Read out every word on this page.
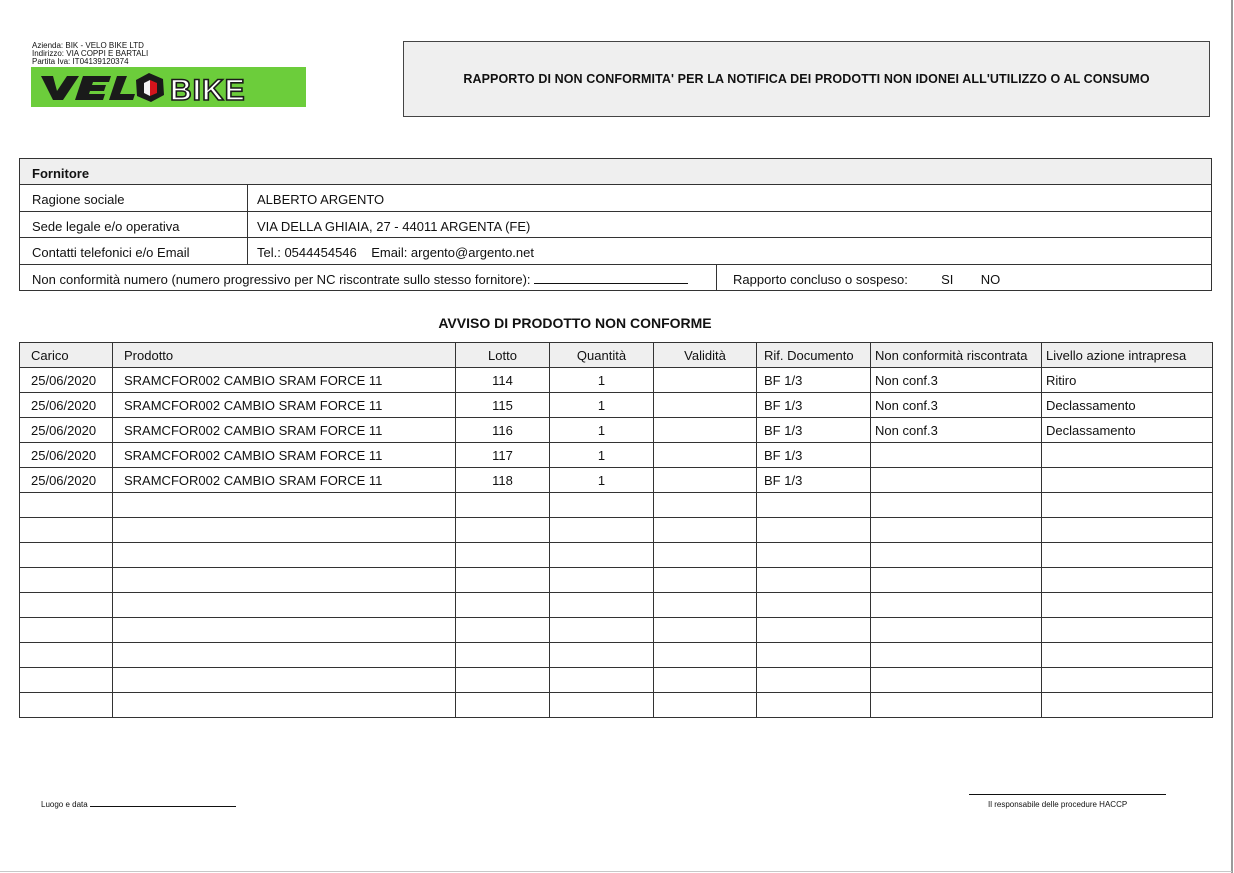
Azienda: BIK - VELO BIKE LTD
Indirizzo: VIA COPPI E BARTALI
Partita Iva: IT04139120374
BIKE	RAPPORTO DI NON CONFORMITA' PER LA NOTIFICA DEI PRODOTTI NON IDONEI ALL'UTILIZZO O AL CONSUMO
Fornitore
Ragione sociale	ALBERTO ARGENTO
Sede legale e/o operativa	VIA DELLA GHIAIA, 27 - 44011 ARGENTA (FE)
Contatti telefonici e/o Email	Tel.: 0544454546    Email: argento@argento.net
Non conformità numero (numero progressivo per NC riscontrate sullo stesso fornitore):	Rapporto concluso o sospeso:	SI NO
AVVISO DI PRODOTTO NON CONFORME
Carico	Prodotto	Lotto	Quantità	Validità	Rif. Documento	Non conformità riscontrata	Livello azione intrapresa
25/06/2020	SRAMCFOR002 CAMBIO SRAM FORCE 11	114	1		BF 1/3	Non conf.3	Ritiro
25/06/2020	SRAMCFOR002 CAMBIO SRAM FORCE 11	115	1		BF 1/3	Non conf.3	Declassamento
25/06/2020	SRAMCFOR002 CAMBIO SRAM FORCE 11	116	1		BF 1/3	Non conf.3	Declassamento
25/06/2020	SRAMCFOR002 CAMBIO SRAM FORCE 11	117	1		BF 1/3		
25/06/2020	SRAMCFOR002 CAMBIO SRAM FORCE 11	118	1		BF 1/3		

Luogo e data	Il responsabile delle procedure HACCP
